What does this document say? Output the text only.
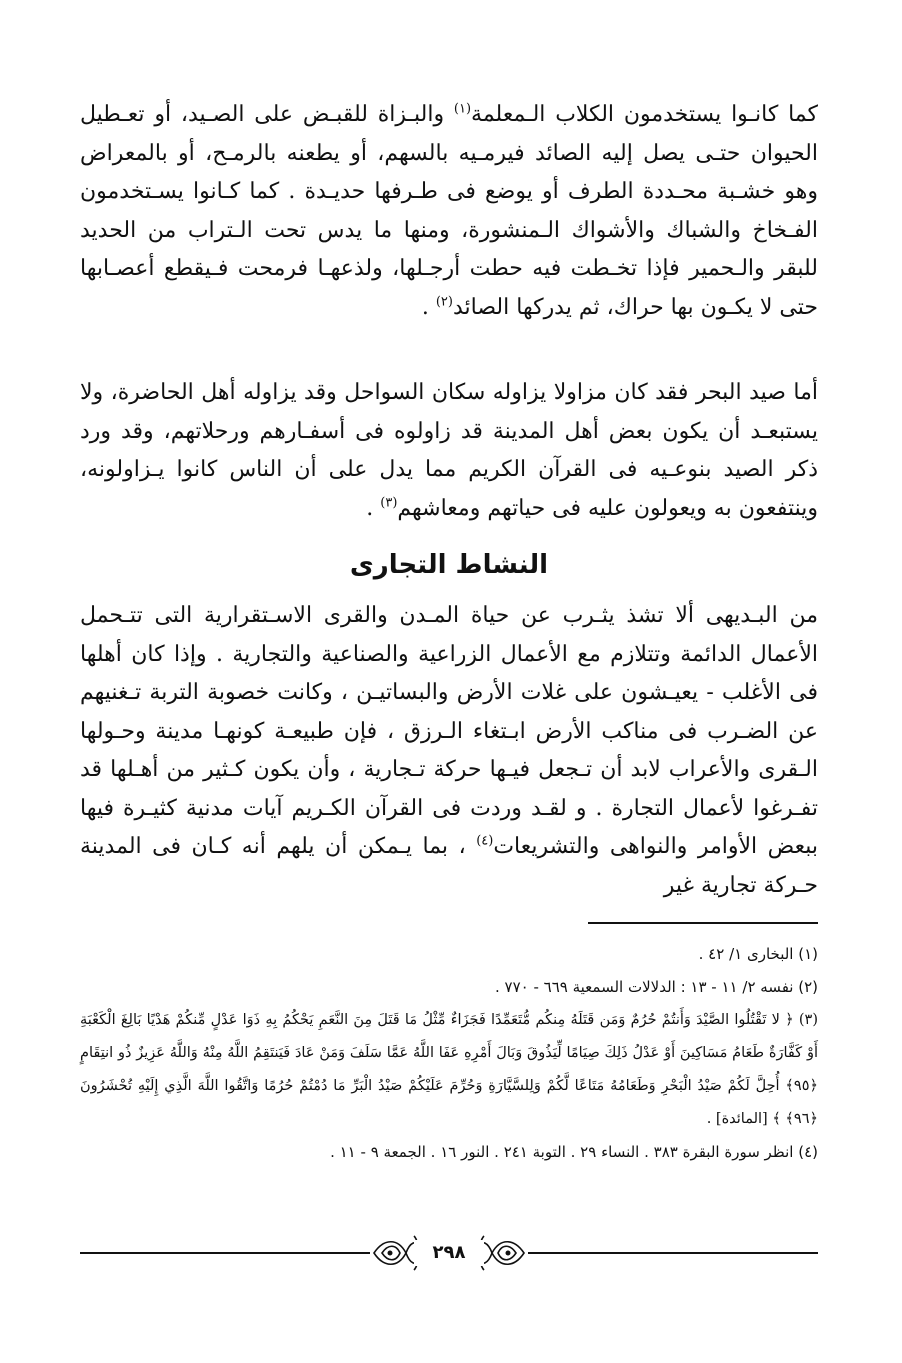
كما كانـوا يستخدمون الكلاب الـمعلمة$^{(١)}$ والبـزاة للقبـض على الصـيد، أو تعـطيل الحيوان حتـى يصل إليه الصائد فيرمـيه بالسهم، أو يطعنه بالرمـح، أو بالمعراض وهو خشـبة محـددة الطرف أو يوضع فى طـرفها حديـدة . كما كـانوا يسـتخدمون الفـخاخ والشباك والأشواك الـمنشورة، ومنها ما يدس تحت الـتراب من الحديد للبقر والـحمير فإذا تخـطت فيه حطت أرجـلها، ولذعهـا فرمحت فـيقطع أعصـابها حتى لا يكـون بها حراك، ثم يدركها الصائد$^{(٢)}$ .

أما صيد البحر فقد كان مزاولا يزاوله سكان السواحل وقد يزاوله أهل الحاضرة، ولا يستبعـد أن يكون بعض أهل المدينة قد زاولوه فى أسفـارهم ورحلاتهم، وقد ورد ذكر الصيد بنوعـيه فى القرآن الكريم مما يدل على أن الناس كانوا يـزاولونه، وينتفعون به ويعولون عليه فى حياتهم ومعاشهم$^{(٣)}$ .

النشاط التجارى

من البـديهى ألا تشذ يثـرب عن حياة المـدن والقرى الاسـتقرارية التى تتـحمل الأعمال الدائمة وتتلازم مع الأعمال الزراعية والصناعية والتجارية . وإذا كان أهلها فى الأغلب - يعيـشون على غلات الأرض والبساتيـن ، وكانت خصوبة التربة تـغنيهم عن الضـرب فى مناكب الأرض ابـتغاء الـرزق ، فإن طبيعـة كونهـا مدينة وحـولها الـقرى والأعراب لابد أن تـجعل فيـها حركة تـجارية ، وأن يكون كـثير من أهـلها قد تفـرغوا لأعمال التجارة . و لقـد وردت فى القرآن الكـريم آيات مدنية كثيـرة فيها ببعض الأوامر والنواهى والتشريعات$^{(٤)}$ ، بما يـمكن أن يلهم أنه كـان فى المدينة حـركة تجارية غير

(١) البخارى ١/ ٤٢ .

(٢) نفسه ٢/ ١١ - ١٣ : الدلالات السمعية ٦٦٩ - ٧٧٠ .

(٣) ﴿ لا تَقْتُلُوا الصَّيْدَ وَأَنتُمْ حُرُمٌ وَمَن قَتَلَهُ مِنكُم مُّتَعَمِّدًا فَجَزَاءٌ مِّثْلُ مَا قَتَلَ مِنَ النَّعَمِ يَحْكُمُ بِهِ ذَوَا عَدْلٍ مِّنكُمْ هَدْيًا بَالِغَ الْكَعْبَةِ أَوْ كَفَّارَةٌ طَعَامُ مَسَاكِينَ أَوْ عَدْلُ ذَلِكَ صِيَامًا لِّيَذُوقَ وَبَالَ أَمْرِهِ عَفَا اللَّهُ عَمَّا سَلَفَ وَمَنْ عَادَ فَيَنتَقِمُ اللَّهُ مِنْهُ وَاللَّهُ عَزِيزٌ ذُو انتِقَامٍ ﴿٩٥﴾ أُحِلَّ لَكُمْ صَيْدُ الْبَحْرِ وَطَعَامُهُ مَتَاعًا لَّكُمْ وَلِلسَّيَّارَةِ وَحُرِّمَ عَلَيْكُمْ صَيْدُ الْبَرِّ مَا دُمْتُمْ حُرُمًا وَاتَّقُوا اللَّهَ الَّذِي إِلَيْهِ تُحْشَرُونَ ﴿٩٦﴾ ﴾ [المائدة] .

(٤) انظر سورة البقرة ٣٨٣ . النساء ٢٩ . التوبة ٢٤١ . النور ١٦ . الجمعة ٩ - ١١ .

٢٩٨
